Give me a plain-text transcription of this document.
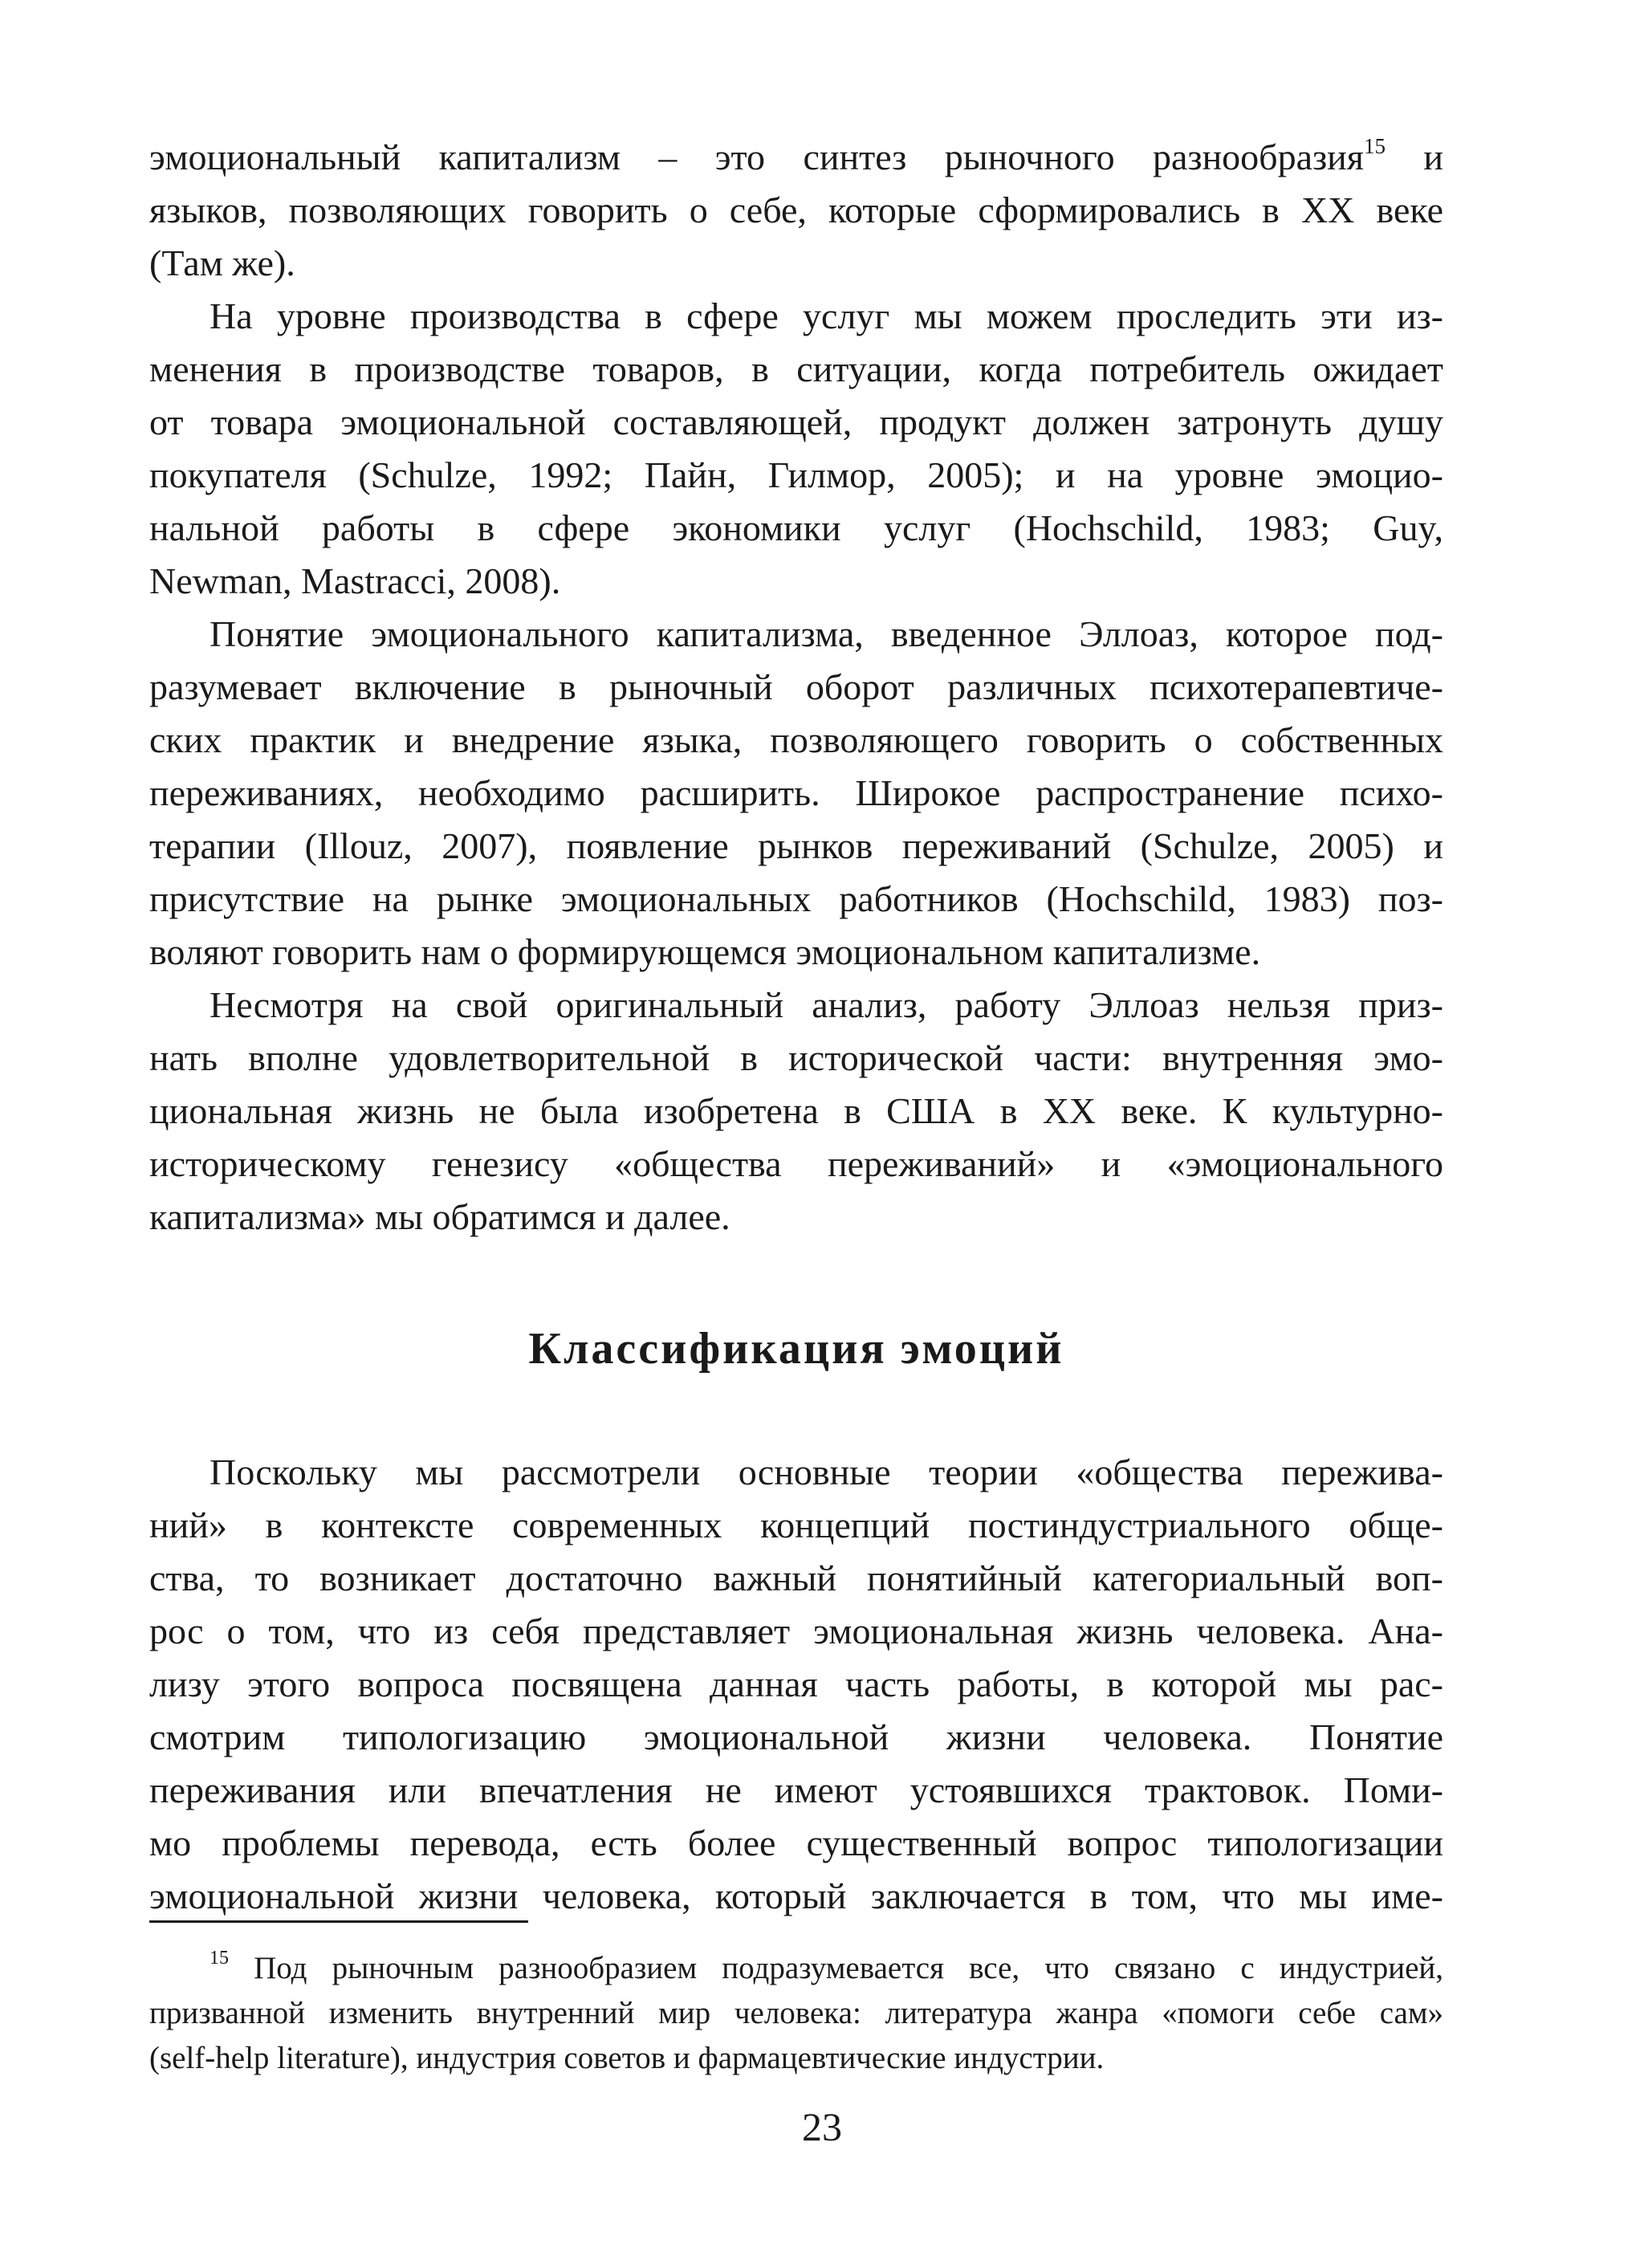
эмоциональный капитализм – это синтез рыночного разнообразия$^{15}$ и
языков, позволяющих говорить о себе, которые сформировались в XX веке
(Там же).
На уровне производства в сфере услуг мы можем проследить эти из-
менения в производстве товаров, в ситуации, когда потребитель ожидает
от товара эмоциональной составляющей, продукт должен затронуть душу
покупателя (Schulze, 1992; Пайн, Гилмор, 2005); и на уровне эмоцио-
нальной работы в сфере экономики услуг (Hochschild, 1983; Guy,
Newman, Mastracci, 2008).
Понятие эмоционального капитализма, введенное Эллоаз, которое под-
разумевает включение в рыночный оборот различных психотерапевтиче-
ских практик и внедрение языка, позволяющего говорить о собственных
переживаниях, необходимо расширить. Широкое распространение психо-
терапии (Illouz, 2007), появление рынков переживаний (Schulze, 2005) и
присутствие на рынке эмоциональных работников (Hochschild, 1983) поз-
воляют говорить нам о формирующемся эмоциональном капитализме.
Несмотря на свой оригинальный анализ, работу Эллоаз нельзя приз-
нать вполне удовлетворительной в исторической части: внутренняя эмо-
циональная жизнь не была изобретена в США в XX веке. К культурно-
историческому генезису «общества переживаний» и «эмоционального
капитализма» мы обратимся и далее.
Классификация эмоций
Поскольку мы рассмотрели основные теории «общества пережива-
ний» в контексте современных концепций постиндустриального обще-
ства, то возникает достаточно важный понятийный категориальный воп-
рос о том, что из себя представляет эмоциональная жизнь человека. Ана-
лизу этого вопроса посвящена данная часть работы, в которой мы рас-
смотрим типологизацию эмоциональной жизни человека. Понятие
переживания или впечатления не имеют устоявшихся трактовок. Поми-
мо проблемы перевода, есть более существенный вопрос типологизации
эмоциональной жизни человека, который заключается в том, что мы име-
$^{15}$ Под рыночным разнообразием подразумевается все, что связано с индустрией,
призванной изменить внутренний мир человека: литература жанра «помоги себе сам»
(self-help literature), индустрия советов и фармацевтические индустрии.
23
